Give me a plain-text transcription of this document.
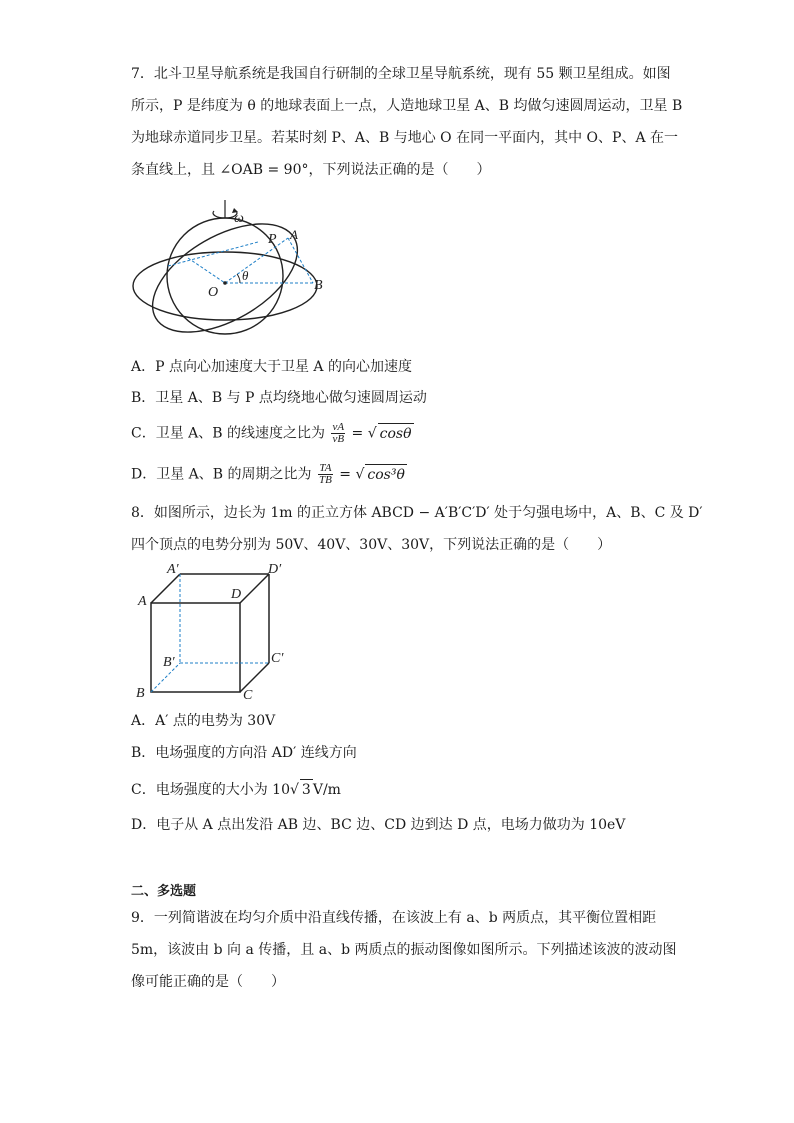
7．北斗卫星导航系统是我国自行研制的全球卫星导航系统，现有 55 颗卫星组成。如图
所示，P 是纬度为 θ 的地球表面上一点，人造地球卫星 A、B 均做匀速圆周运动，卫星 B
为地球赤道同步卫星。若某时刻 P、A、B 与地心 O 在同一平面内，其中 O、P、A 在一
条直线上，且 ∠OAB = 90°，下列说法正确的是（　　）
ω
P A
O	B
θ
A．P 点向心加速度大于卫星 A 的向心加速度
B．卫星 A、B 与 P 点均绕地心做匀速圆周运动
C．卫星 A、B 的线速度之比为 $\frac{vA}{vB}$ = √ cosθ
D．卫星 A、B 的周期之比为 $\frac{TA}{TB}$ = √ cos³θ
8．如图所示，边长为 1m 的正立方体 ABCD − A′B′C′D′ 处于匀强电场中，A、B、C 及 D′
四个顶点的电势分别为 50V、40V、30V、30V，下列说法正确的是（　　）
A′	D′
A	D
B′	C′
B	C
A．A′ 点的电势为 30V
B．电场强度的方向沿 AD′ 连线方向
C．电场强度的大小为 10√ 3 V/m
D．电子从 A 点出发沿 AB 边、BC 边、CD 边到达 D 点，电场力做功为 10eV
二、多选题
9．一列简谐波在均匀介质中沿直线传播，在该波上有 a、b 两质点，其平衡位置相距
5m，该波由 b 向 a 传播，且 a、b 两质点的振动图像如图所示。下列描述该波的波动图
像可能正确的是（　　）
